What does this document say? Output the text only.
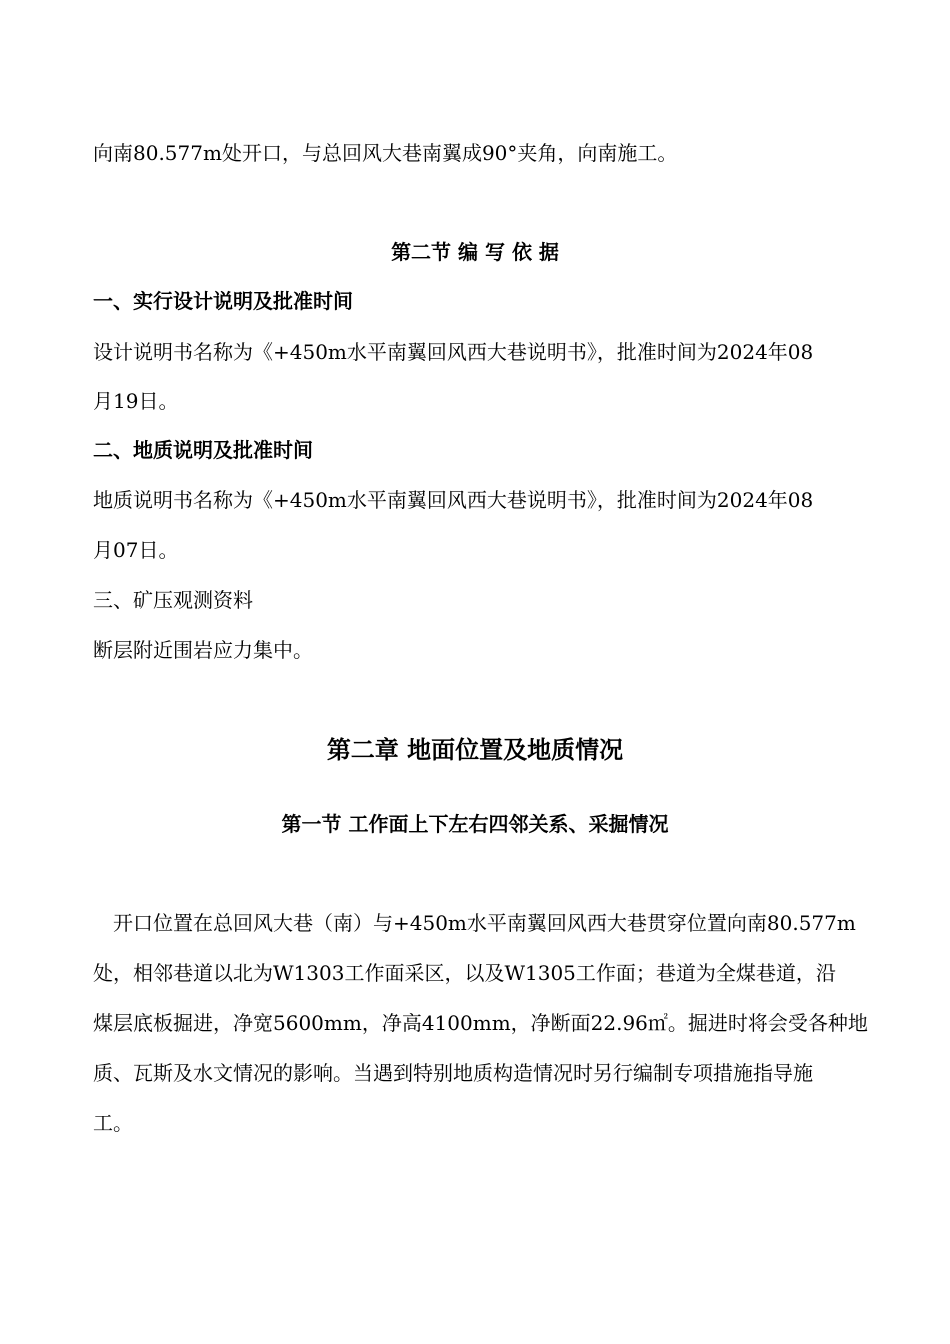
向南80.577m处开口，与总回风大巷南翼成90°夹角，向南施工。
第二节 编 写 依 据
一、实行设计说明及批准时间
设计说明书名称为《+450m水平南翼回风西大巷说明书》，批准时间为2024年08
月19日。
二、地质说明及批准时间
地质说明书名称为《+450m水平南翼回风西大巷说明书》，批准时间为2024年08
月07日。
三、矿压观测资料
断层附近围岩应力集中。
第二章 地面位置及地质情况
第一节 工作面上下左右四邻关系、采掘情况
开口位置在总回风大巷（南）与+450m水平南翼回风西大巷贯穿位置向南80.577m
处，相邻巷道以北为W1303工作面采区，以及W1305工作面；巷道为全煤巷道，沿
煤层底板掘进，净宽5600mm，净高4100mm，净断面22.96㎡。掘进时将会受各种地
质、瓦斯及水文情况的影响。当遇到特别地质构造情况时另行编制专项措施指导施
工。
